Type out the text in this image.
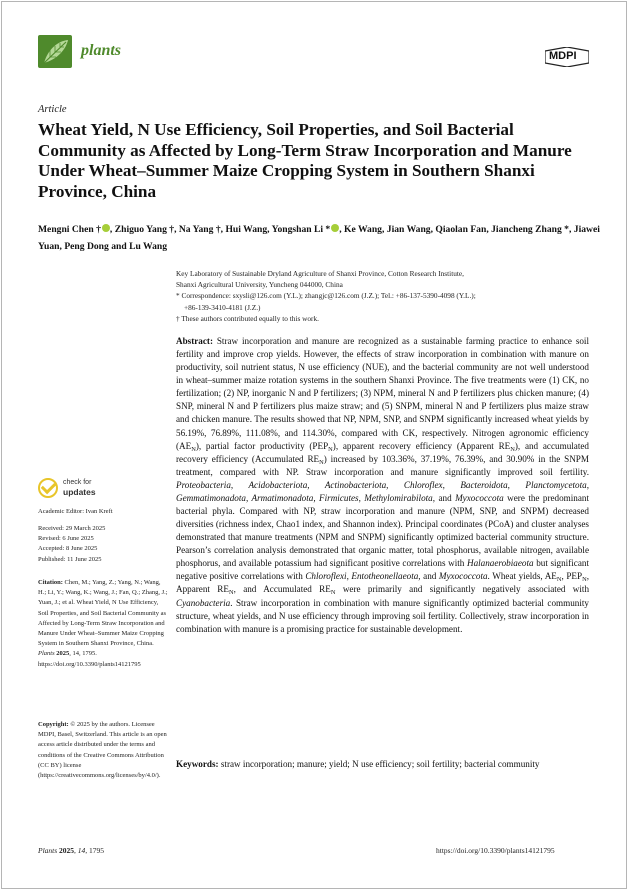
plants	MDPI
Article
Wheat Yield, N Use Efficiency, Soil Properties, and Soil Bacterial Community as Affected by Long-Term Straw Incorporation and Manure Under Wheat–Summer Maize Cropping System in Southern Shanxi Province, China
Mengni Chen † , Zhiguo Yang †, Na Yang †, Hui Wang, Yongshan Li * , Ke Wang, Jian Wang, Qiaolan Fan, Jiancheng Zhang *, Jiawei Yuan, Peng Dong and Lu Wang

Key Laboratory of Sustainable Dryland Agriculture of Shanxi Province, Cotton Research Institute,

Shanxi Agricultural University, Yuncheng 044000, China

* Correspondence: sxysli@126.com (Y.L.); zhangjc@126.com (J.Z.); Tel.: +86-137-5390-4098 (Y.L.);

+86-139-3410-4181 (J.Z.)

† These authors contributed equally to this work.

Abstract: Straw incorporation and manure are recognized as a sustainable farming practice to enhance soil fertility and improve crop yields. However, the effects of straw incorporation in combination with manure on productivity, soil nutrient status, N use efficiency (NUE), and the bacterial community are not well understood in wheat–summer maize rotation systems in the southern Shanxi Province. The five treatments were (1) CK, no fertilization; (2) NP, inorganic N and P fertilizers; (3) NPM, mineral N and P fertilizers plus chicken manure; (4) SNP, mineral N and P fertilizers plus maize straw; and (5) SNPM, mineral N and P fertilizers plus maize straw and chicken manure. The results showed that NP, NPM, SNP, and SNPM significantly increased wheat yields by 56.19%, 76.89%, 111.08%, and 114.30%, compared with CK, respectively. Nitrogen agronomic efficiency $(AE_N)$, partial factor productivity $(PEP_N)$, apparent recovery efficiency (Apparent $RE_N$), and accumulated recovery efficiency (Accumulated $RE_N$) increased by 103.36%, 37.19%, 76.39%, and 30.90% in the SNPM treatment, compared with NP. Straw incorporation and manure significantly improved soil fertility. Proteobacteria, Acidobacteriota, Actinobacteriota, Chloroflex, Bacteroidota, Planctomycetota, Gemmatimonadota, Armatimonadota, Firmicutes, Methylomirabilota, and Myxococcota were the predominant bacterial phyla. Compared with NP, straw incorporation and manure (NPM, SNP, and SNPM) decreased diversities (richness index, Chao1 index, and Shannon index). Principal coordinates (PCoA) and cluster analyses demonstrated that manure treatments (NPM and SNPM) significantly optimized bacterial community structure. Pearson’s correlation analysis demonstrated that organic matter, total phosphorus, available nitrogen, available phosphorus, and available potassium had significant positive correlations with Halanaerobiaeota but significant negative positive correlations with Chloroflexi, Entotheonellaeota, and Myxococcota. Wheat yields, $AE_N$, $PEP_N$, Apparent $RE_N$, and Accumulated $RE_N$ were primarily and significantly negatively associated with Cyanobacteria. Straw incorporation in combination with manure significantly optimized bacterial community structure, wheat yields, and N use efficiency through improving soil fertility. Collectively, straw incorporation in combination with manure is a promising practice for sustainable development.
Keywords: straw incorporation; manure; yield; N use efficiency; soil fertility; bacterial community
check for
updates
Academic Editor: Ivan Kreft

Received: 29 March 2025

Revised: 6 June 2025

Accepted: 8 June 2025

Published: 11 June 2025

Citation: Chen, M.; Yang, Z.; Yang, N.; Wang, H.; Li, Y.; Wang, K.; Wang, J.; Fan, Q.; Zhang, J.; Yuan, J.; et al. Wheat Yield, N Use Efficiency, Soil Properties, and Soil Bacterial Community as Affected by Long-Term Straw Incorporation and Manure Under Wheat–Summer Maize Cropping System in Southern Shanxi Province, China. Plants 2025, 14, 1795. https://doi.org/10.3390/plants14121795
Copyright: © 2025 by the authors. Licensee MDPI, Basel, Switzerland. This article is an open access article distributed under the terms and conditions of the Creative Commons Attribution (CC BY) license (https://creativecommons.org/licenses/by/4.0/).
Plants 2025, 14, 1795	https://doi.org/10.3390/plants14121795
